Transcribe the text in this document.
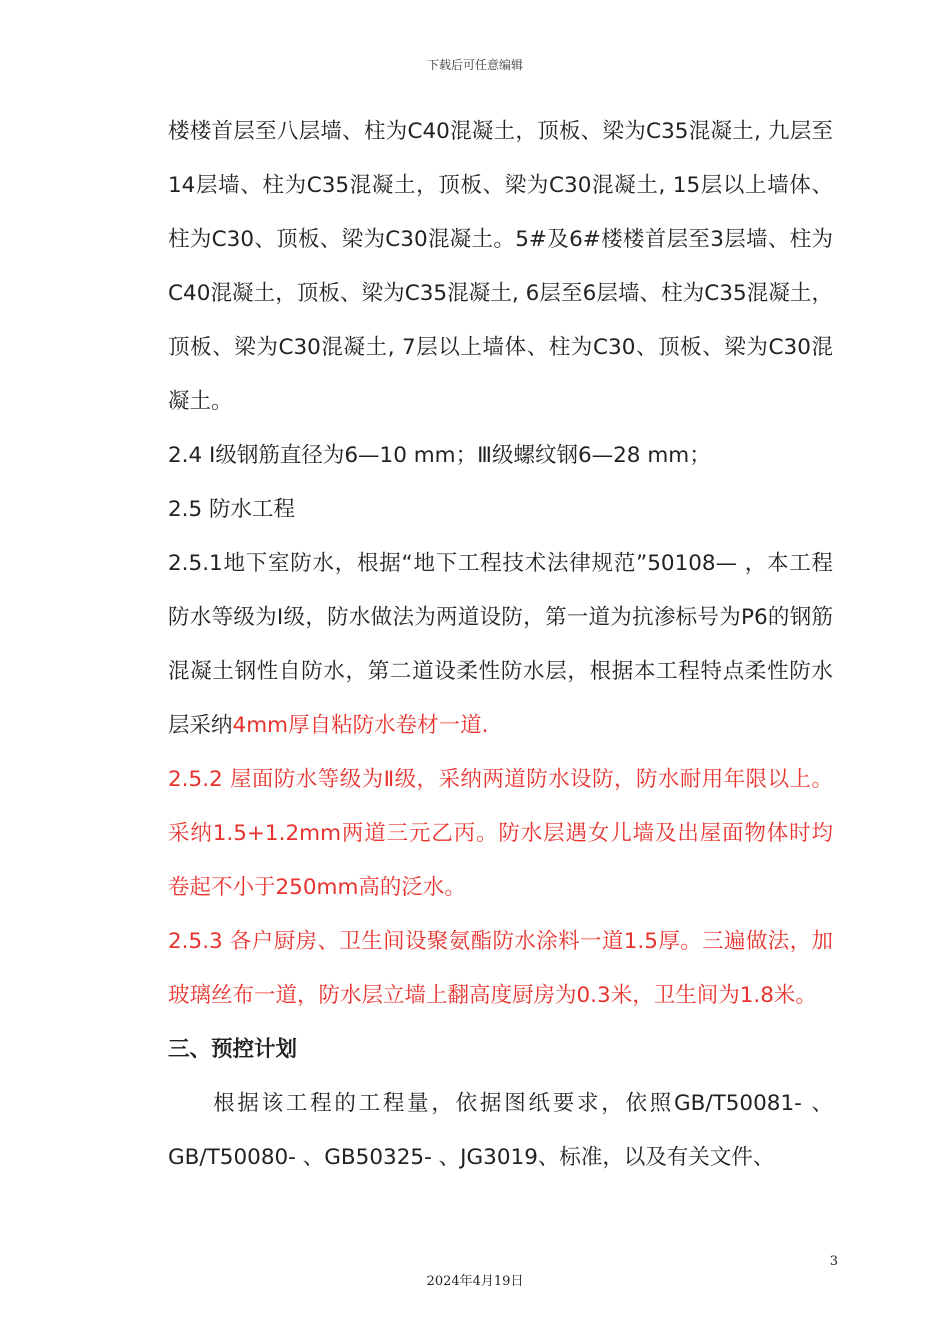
下载后可任意编辑

楼楼首层至八层墙、柱为C40混凝土，顶板、梁为C35混凝土, 九层至14层墙、柱为C35混凝土，顶板、梁为C30混凝土, 15层以上墙体、柱为C30、顶板、梁为C30混凝土。5#及6#楼楼首层至3层墙、柱为C40混凝土，顶板、梁为C35混凝土, 6层至6层墙、柱为C35混凝土，顶板、梁为C30混凝土, 7层以上墙体、柱为C30、顶板、梁为C30混凝土。

2.4 Ⅰ级钢筋直径为6—10 mm；Ⅲ级螺纹钢6—28 mm；

2.5 防水工程

2.5.1地下室防水，根据“地下工程技术法律规范”50108— ，本工程防水等级为Ⅰ级，防水做法为两道设防，第一道为抗渗标号为P6的钢筋混凝土钢性自防水，第二道设柔性防水层，根据本工程特点柔性防水层采纳4mm厚自粘防水卷材一道.

2.5.2 屋面防水等级为Ⅱ级，采纳两道防水设防，防水耐用年限以上。采纳1.5+1.2mm两道三元乙丙。防水层遇女儿墙及出屋面物体时均卷起不小于250mm高的泛水。

2.5.3 各户厨房、卫生间设聚氨酯防水涂料一道1.5厚。三遍做法，加玻璃丝布一道，防水层立墙上翻高度厨房为0.3米，卫生间为1.8米。

三、预控计划

根据该工程的工程量，依据图纸要求，依照GB/T50081- 、GB/T50080- 、GB50325- 、JG3019、标准，以及有关文件、

3
2024年4月19日
